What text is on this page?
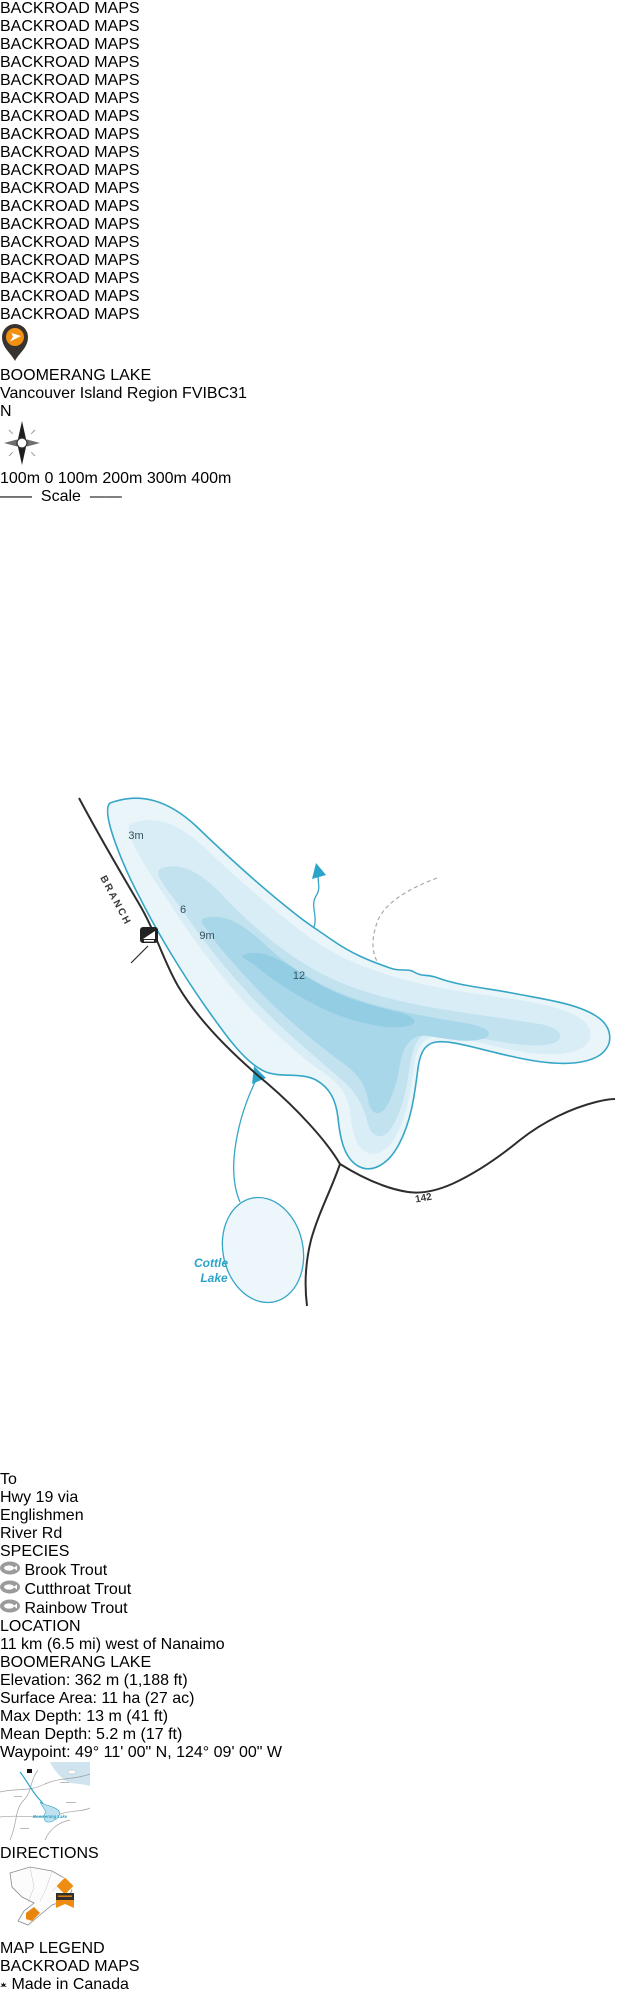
BACKROAD MAPS
BACKROAD MAPS
BACKROAD MAPS
BACKROAD MAPS
BACKROAD MAPS
BACKROAD MAPS
BACKROAD MAPS
BACKROAD MAPS
BACKROAD MAPS
BACKROAD MAPS
BACKROAD MAPS
BACKROAD MAPS
BACKROAD MAPS
BACKROAD MAPS
BACKROAD MAPS
BACKROAD MAPS
BACKROAD MAPS
BACKROAD MAPS
BOOMERANG LAKE
Vancouver Island Region FVIBC31
N
100m 0 100m 200m 300m 400m
—— Scale ——
3m
6
9m
12
BRANCH
142
Cottle
Lake
To
Hwy 19 via
Englishmen
River Rd
SPECIES
Brook Trout
Cutthroat Trout
Rainbow Trout
LOCATION
11 km (6.5 mi) west of Nanaimo
BOOMERANG LAKE
Elevation: 362 m (1,188 ft)
Surface Area: 11 ha (27 ac)
Max Depth: 13 m (41 ft)
Mean Depth: 5.2 m (17 ft)
Waypoint: 49° 11' 00" N, 124° 09' 00" W
Boomerang Lake
DIRECTIONS
MAP LEGEND
BACKROAD MAPS
Made in Canada
